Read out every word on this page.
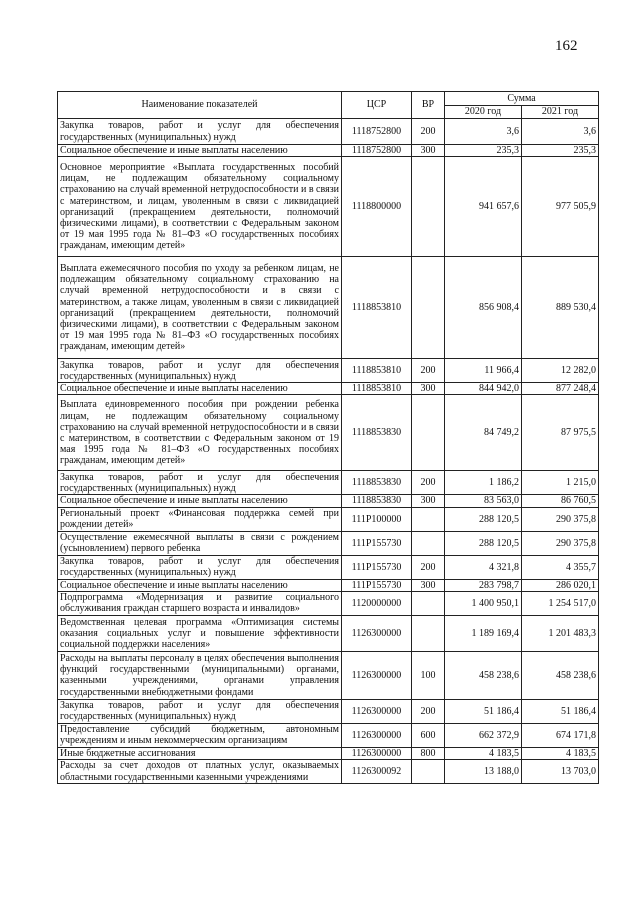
162
Наименование показателей	ЦСР	ВР	Сумма	
			2020 год	2021 год
Закупка товаров, работ и услуг для обеспечения государственных (муниципальных) нужд	1118752800	200	3,6	3,6
Социальное обеспечение и иные выплаты населению	1118752800	300	235,3	235,3
Основное мероприятие «Выплата государственных пособий лицам, не подлежащим обязательному социальному страхованию на случай временной нетрудоспособности и в связи с материнством, и лицам, уволенным в связи с ликвидацией организаций (прекращением деятельности, полномочий физическими лицами), в соответствии с Федеральным законом от 19 мая 1995 года № 81–ФЗ «О государственных пособиях гражданам, имеющим детей»	1118800000		941 657,6	977 505,9
Выплата ежемесячного пособия по уходу за ребенком лицам, не подлежащим обязательному социальному страхованию на случай временной нетрудоспособности и в связи с материнством, а также лицам, уволенным в связи с ликвидацией организаций (прекращением деятельности, полномочий физическими лицами), в соответствии с Федеральным законом от 19 мая 1995 года № 81–ФЗ «О государственных пособиях гражданам, имеющим детей»	1118853810		856 908,4	889 530,4
Закупка товаров, работ и услуг для обеспечения государственных (муниципальных) нужд	1118853810	200	11 966,4	12 282,0
Социальное обеспечение и иные выплаты населению	1118853810	300	844 942,0	877 248,4
Выплата единовременного пособия при рождении ребенка лицам, не подлежащим обязательному социальному страхованию на случай временной нетрудоспособности и в связи с материнством, в соответствии с Федеральным законом от 19 мая 1995 года № 81–ФЗ «О государственных пособиях гражданам, имеющим детей»	1118853830		84 749,2	87 975,5
Закупка товаров, работ и услуг для обеспечения государственных (муниципальных) нужд	1118853830	200	1 186,2	1 215,0
Социальное обеспечение и иные выплаты населению	1118853830	300	83 563,0	86 760,5
Региональный проект «Финансовая поддержка семей при рождении детей»	111P100000		288 120,5	290 375,8
Осуществление ежемесячной выплаты в связи с рождением (усыновлением) первого ребенка	111P155730		288 120,5	290 375,8
Закупка товаров, работ и услуг для обеспечения государственных (муниципальных) нужд	111P155730	200	4 321,8	4 355,7
Социальное обеспечение и иные выплаты населению	111P155730	300	283 798,7	286 020,1
Подпрограмма «Модернизация и развитие социального обслуживания граждан старшего возраста и инвалидов»	1120000000		1 400 950,1	1 254 517,0
Ведомственная целевая программа «Оптимизация системы оказания социальных услуг и повышение эффективности социальной поддержки населения»	1126300000		1 189 169,4	1 201 483,3
Расходы на выплаты персоналу в целях обеспечения выполнения функций государственными (муниципальными) органами, казенными учреждениями, органами управления государственными внебюджетными фондами	1126300000	100	458 238,6	458 238,6
Закупка товаров, работ и услуг для обеспечения государственных (муниципальных) нужд	1126300000	200	51 186,4	51 186,4
Предоставление субсидий бюджетным, автономным учреждениям и иным некоммерческим организациям	1126300000	600	662 372,9	674 171,8
Иные бюджетные ассигнования	1126300000	800	4 183,5	4 183,5
Расходы за счет доходов от платных услуг, оказываемых областными государственными казенными учреждениями	1126300092		13 188,0	13 703,0
